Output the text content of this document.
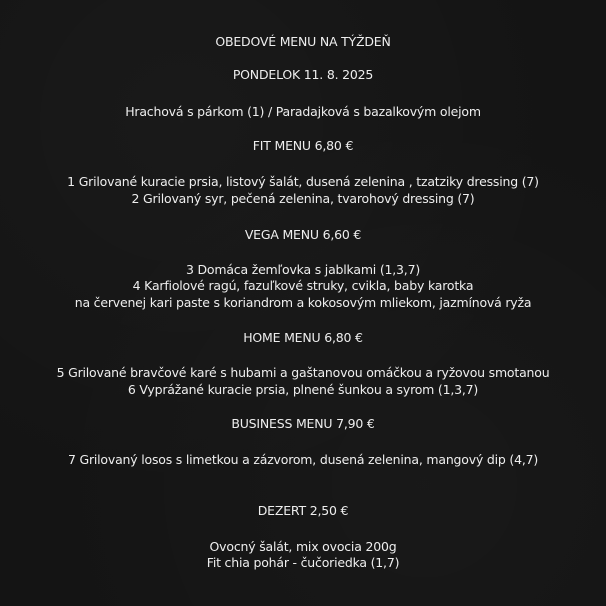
OBEDOVÉ MENU NA TÝŽDEŇ
PONDELOK 11. 8. 2025
Hrachová s párkom (1) / Paradajková s bazalkovým olejom
FIT MENU 6,80 €
1 Grilované kuracie prsia, listový šalát, dusená zelenina , tzatziky dressing (7)
2 Grilovaný syr, pečená zelenina, tvarohový dressing (7)
VEGA MENU 6,60 €
3 Domáca žemľovka s jablkami (1,3,7)
4 Karfiolové ragú, fazuľkové struky, cvikla, baby karotka
na červenej kari paste s koriandrom a kokosovým mliekom, jazmínová ryža
HOME MENU 6,80 €
5 Grilované bravčové karé s hubami a gaštanovou omáčkou a ryžovou smotanou
6 Vyprážané kuracie prsia, plnené šunkou a syrom (1,3,7)
BUSINESS MENU 7,90 €
7 Grilovaný losos s limetkou a zázvorom, dusená zelenina, mangový dip (4,7)
DEZERT 2,50 €
Ovocný šalát, mix ovocia 200g
Fit chia pohár - čučoriedka (1,7)
